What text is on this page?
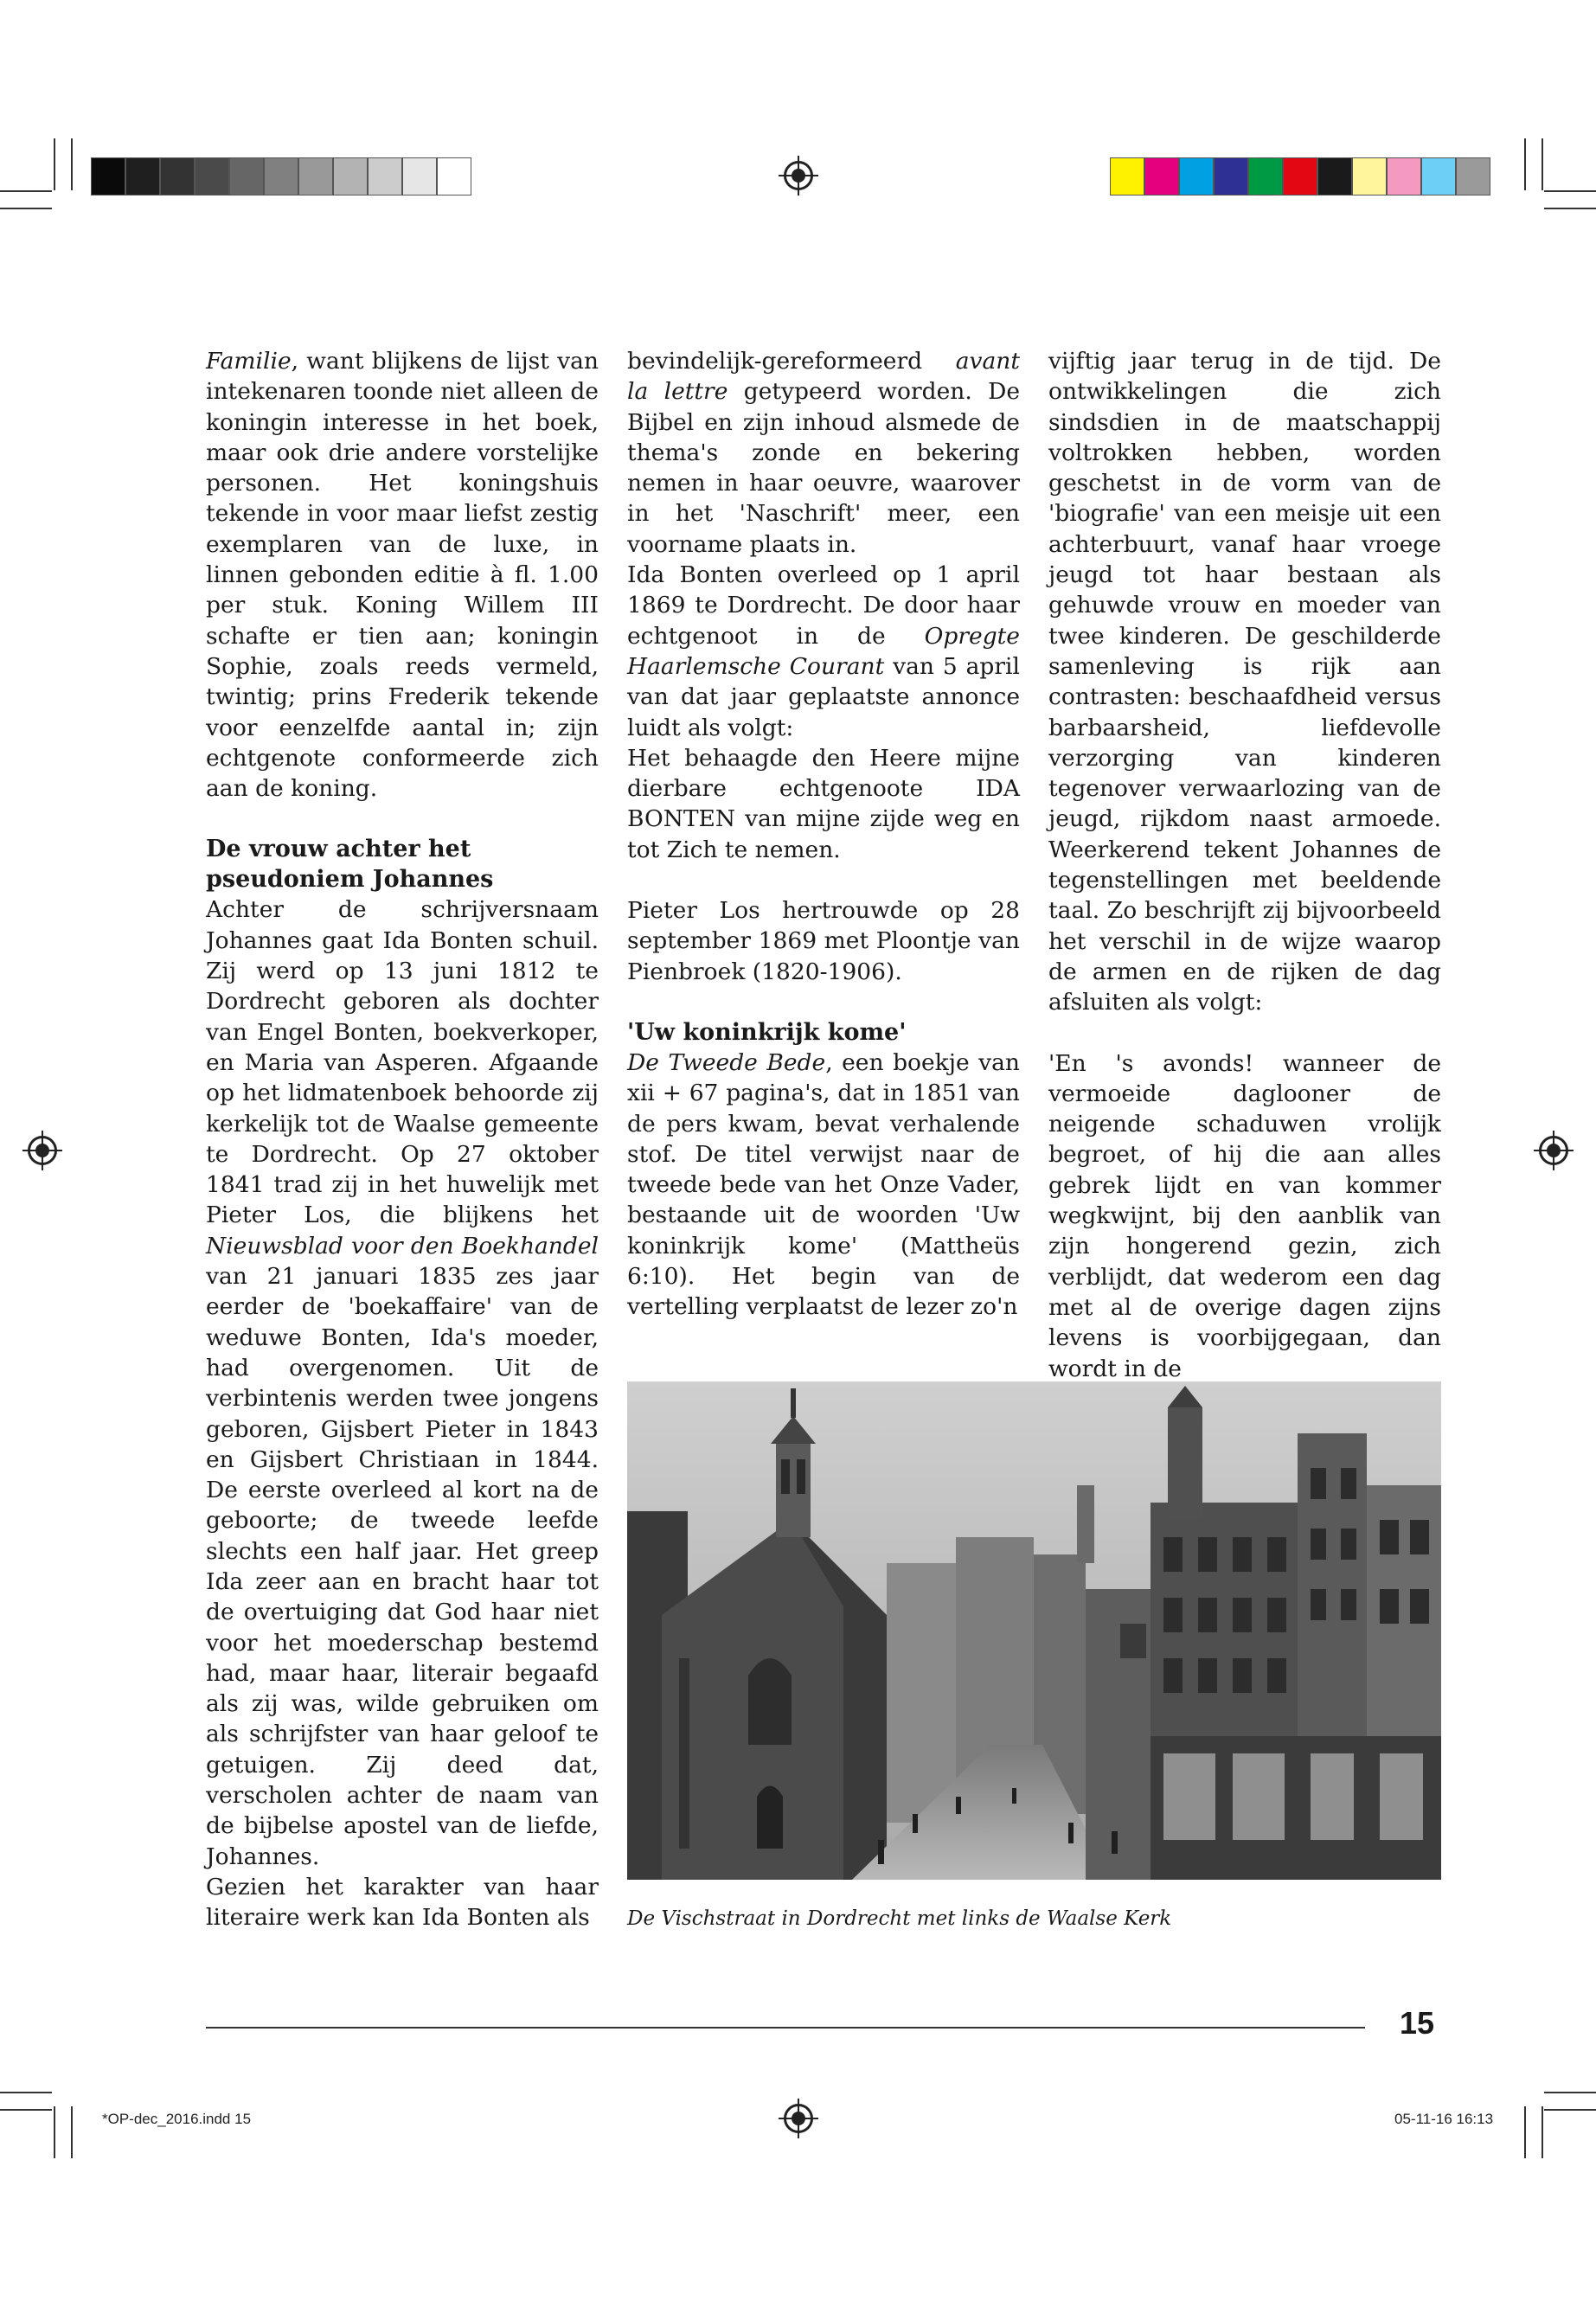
Familie, want blijkens de lijst van intekenaren toonde niet alleen de koningin interesse in het boek, maar ook drie andere vorstelijke personen. Het koningshuis tekende in voor maar liefst zestig exemplaren van de luxe, in linnen gebonden editie à fl. 1.00 per stuk. Koning Willem III schafte er tien aan; koningin Sophie, zoals reeds vermeld, twintig; prins Frederik tekende voor eenzelfde aantal in; zijn echtgenote conformeerde zich aan de koning.

De vrouw achter het pseudoniem Johannes

Achter de schrijversnaam Johannes gaat Ida Bonten schuil. Zij werd op 13 juni 1812 te Dordrecht geboren als dochter van Engel Bonten, boekverkoper, en Maria van Asperen. Afgaande op het lidmatenboek behoorde zij kerkelijk tot de Waalse gemeente te Dordrecht. Op 27 oktober 1841 trad zij in het huwelijk met Pieter Los, die blijkens het Nieuwsblad voor den Boekhandel van 21 januari 1835 zes jaar eerder de 'boekaffaire' van de weduwe Bonten, Ida's moeder, had overgenomen. Uit de verbintenis werden twee jongens geboren, Gijsbert Pieter in 1843 en Gijsbert Christiaan in 1844. De eerste overleed al kort na de geboorte; de tweede leefde slechts een half jaar. Het greep Ida zeer aan en bracht haar tot de overtuiging dat God haar niet voor het moederschap bestemd had, maar haar, literair begaafd als zij was, wilde gebruiken om als schrijfster van haar geloof te getuigen. Zij deed dat, verscholen achter de naam van de bijbelse apostel van de liefde, Johannes.

Gezien het karakter van haar literaire werk kan Ida Bonten als

bevindelijk-gereformeerd avant la lettre getypeerd worden. De Bijbel en zijn inhoud alsmede de thema's zonde en bekering nemen in haar oeuvre, waarover in het 'Naschrift' meer, een voorname plaats in.

Ida Bonten overleed op 1 april 1869 te Dordrecht. De door haar echtgenoot in de Opregte Haarlemsche Courant van 5 april van dat jaar geplaatste annonce luidt als volgt:

Het behaagde den Heere mijne dierbare echtgenoote IDA BONTEN van mijne zijde weg en tot Zich te nemen.

Pieter Los hertrouwde op 28 september 1869 met Ploontje van Pienbroek (1820-1906).

'Uw koninkrijk kome'

De Tweede Bede, een boekje van xii + 67 pagina's, dat in 1851 van de pers kwam, bevat verhalende stof. De titel verwijst naar de tweede bede van het Onze Vader, bestaande uit de woorden 'Uw koninkrijk kome' (Mattheüs 6:10). Het begin van de vertelling verplaatst de lezer zo'n

vijftig jaar terug in de tijd. De ontwikkelingen die zich sindsdien in de maatschappij voltrokken hebben, worden geschetst in de vorm van de 'biografie' van een meisje uit een achterbuurt, vanaf haar vroege jeugd tot haar bestaan als gehuwde vrouw en moeder van twee kinderen. De geschilderde samenleving is rijk aan contrasten: beschaafdheid versus barbaarsheid, liefdevolle verzorging van kinderen tegenover verwaarlozing van de jeugd, rijkdom naast armoede. Weerkerend tekent Johannes de tegenstellingen met beeldende taal. Zo beschrijft zij bijvoorbeeld het verschil in de wijze waarop de armen en de rijken de dag afsluiten als volgt:

'En 's avonds! wanneer de vermoeide daglooner de neigende schaduwen vrolijk begroet, of hij die aan alles gebrek lijdt en van kommer wegkwijnt, bij den aanblik van zijn hongerend gezin, zich verblijdt, dat wederom een dag met al de overige dagen zijns levens is voorbijgegaan, dan wordt in de

De Vischstraat in Dordrecht met links de Waalse Kerk
15
*OP-dec_2016.indd 15	05-11-16 16:13
